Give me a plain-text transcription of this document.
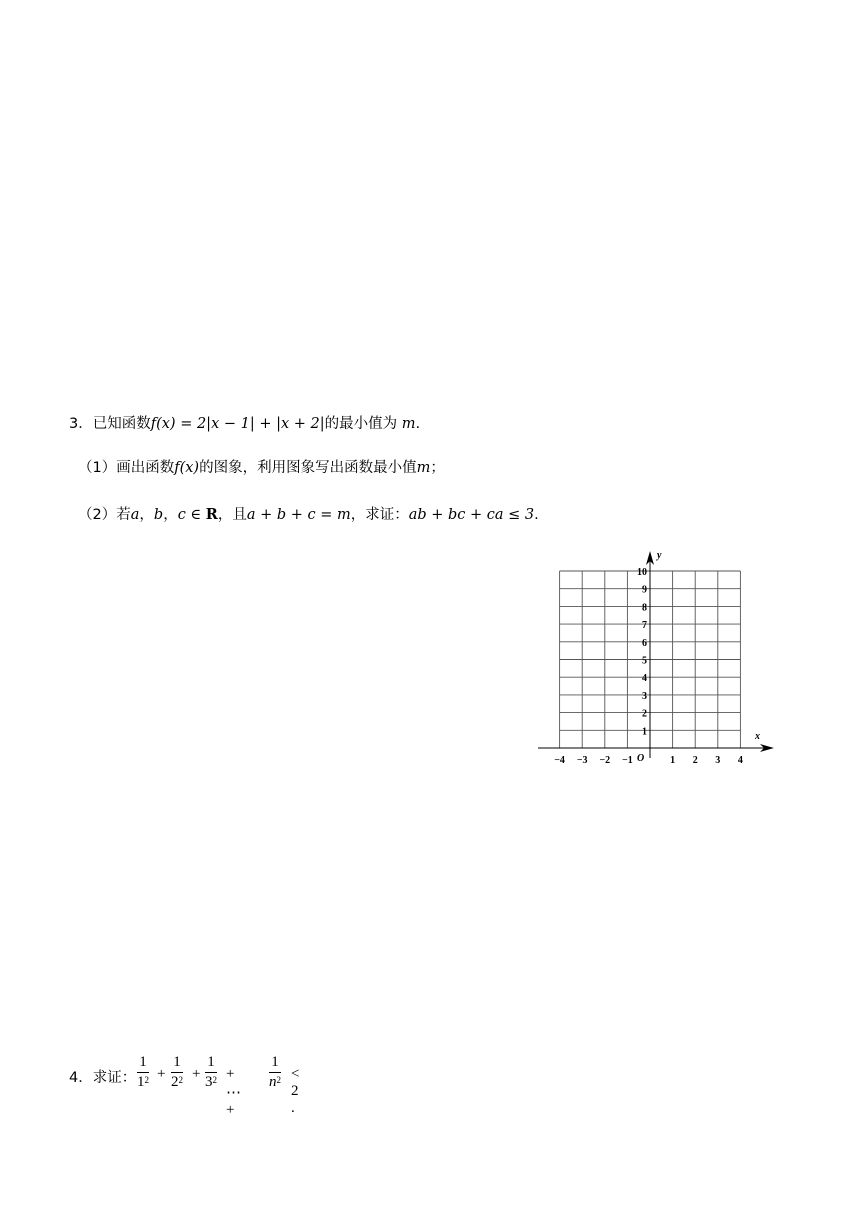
3．已知函数f(x) = 2|x − 1| + |x + 2|的最小值为 m.
（1）画出函数f(x)的图象，利用图象写出函数最小值m；
（2）若a，b，c ∈ R，且a + b + c = m，求证：ab + bc + ca ≤ 3.
y
x
O
−4 −3 −2 −1	1 2 3 4
1
2
3
4
5
6
7
8
9
10
4．求证：
1
$1^2$ +
1
$2^2$ +
1
$3^2$ + ⋯ +
1
$n^2 < 2$ .
